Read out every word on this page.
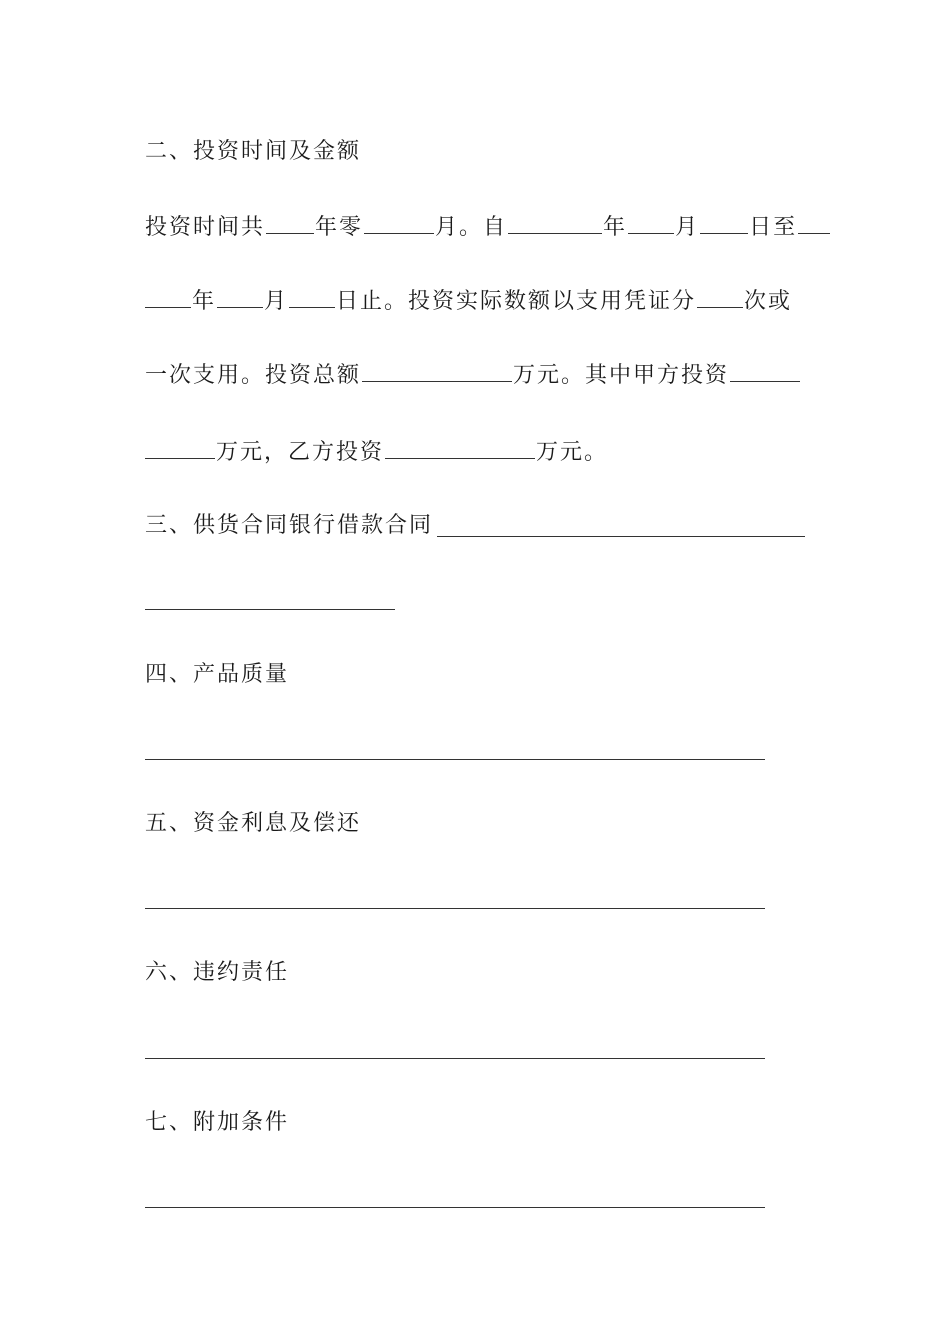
二、投资时间及金额
投资时间共 年零	月。自	年 月 日至
年 月 日止。投资实际数额以支用凭证分 次或
一次支用。投资总额	万元。其中甲方投资
万元，乙方投资	万元。
三、供货合同银行借款合同
四、产品质量
五、资金利息及偿还
六、违约责任
七、附加条件
